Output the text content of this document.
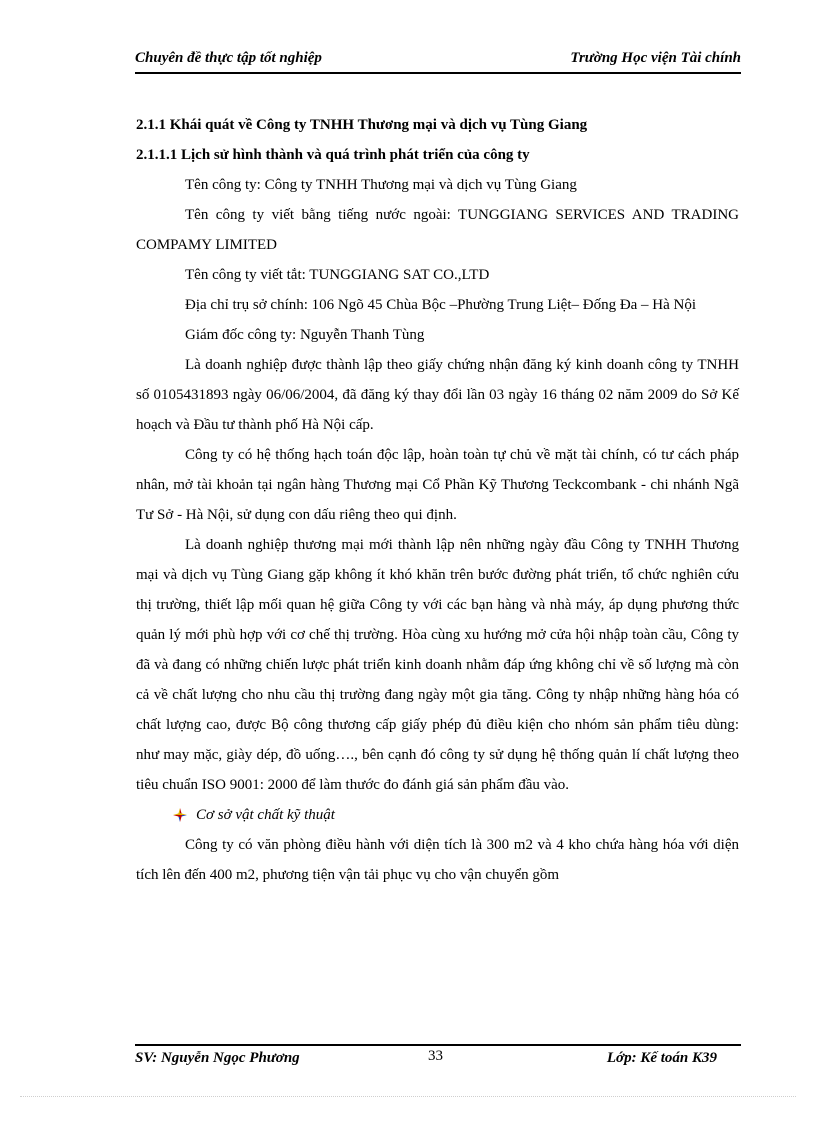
Chuyên đề thực tập tốt nghiệp	Trường Học viện Tài chính
2.1.1 Khái quát về Công ty TNHH Thương mại và dịch vụ Tùng Giang
2.1.1.1 Lịch sử hình thành và quá trình phát triển của công ty
Tên công ty: Công ty TNHH Thương mại và dịch vụ Tùng Giang

Tên công ty viết bằng tiếng nước ngoài: TUNGGIANG SERVICES AND TRADING COMPAMY LIMITED

Tên công ty viết tắt: TUNGGIANG SAT CO.,LTD

Địa chỉ trụ sở chính: 106 Ngõ 45 Chùa Bộc –Phường Trung Liệt– Đống Đa – Hà Nội

Giám đốc công ty: Nguyễn Thanh Tùng

Là doanh nghiệp được thành lập theo giấy chứng nhận đăng ký kinh doanh công ty TNHH số 0105431893 ngày 06/06/2004, đã đăng ký thay đổi lần 03 ngày 16 tháng 02 năm 2009 do Sở Kế hoạch và Đầu tư thành phố Hà Nội cấp.

Công ty có hệ thống hạch toán độc lập, hoàn toàn tự chủ về mặt tài chính, có tư cách pháp nhân, mở tài khoản tại ngân hàng Thương mại Cổ Phần Kỹ Thương Teckcombank - chi nhánh Ngã Tư Sở - Hà Nội, sử dụng con dấu riêng theo qui định.

Là doanh nghiệp thương mại mới thành lập nên những ngày đầu Công ty TNHH Thương mại và dịch vụ Tùng Giang gặp không ít khó khăn trên bước đường phát triển, tổ chức nghiên cứu thị trường, thiết lập mối quan hệ giữa Công ty với các bạn hàng và nhà máy, áp dụng phương thức quản lý mới phù hợp với cơ chế thị trường. Hòa cùng xu hướng mở cửa hội nhập toàn cầu, Công ty đã và đang có những chiến lược phát triển kinh doanh nhằm đáp ứng không chỉ về số lượng mà còn cả về chất lượng cho nhu cầu thị trường đang ngày một gia tăng. Công ty nhập những hàng hóa có chất lượng cao, được Bộ công thương cấp giấy phép đủ điều kiện cho nhóm sản phẩm tiêu dùng: như may mặc, giày dép, đồ uống…., bên cạnh đó công ty sử dụng hệ thống quản lí chất lượng theo tiêu chuẩn ISO 9001: 2000 để làm thước đo đánh giá sản phẩm đầu vào.

Cơ sở vật chất kỹ thuật

Công ty có văn phòng điều hành với diện tích là 300 m2 và 4 kho chứa hàng hóa với diện tích lên đến 400 m2, phương tiện vận tải phục vụ cho vận chuyển gồm

SV: Nguyễn Ngọc Phương	33	Lớp: Kế toán K39
